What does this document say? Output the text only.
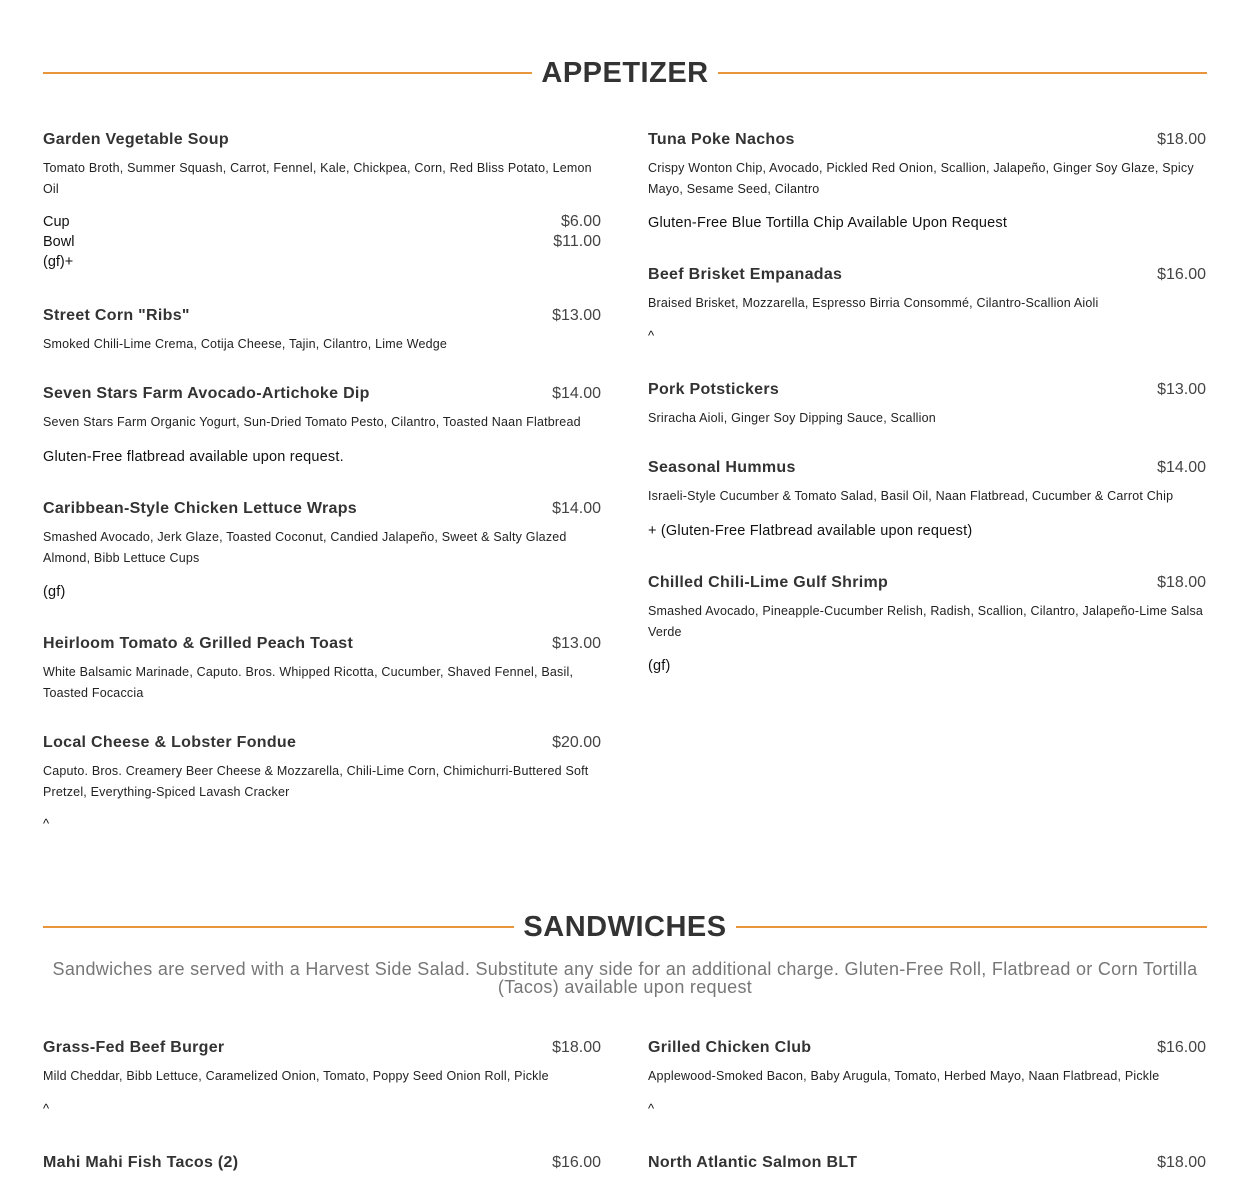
APPETIZER
Garden Vegetable Soup
Tomato Broth, Summer Squash, Carrot, Fennel, Kale, Chickpea, Corn, Red Bliss Potato, Lemon Oil
Cup	$6.00
Bowl	$11.00
(gf)+
Street Corn "Ribs"	$13.00
Smoked Chili-Lime Crema, Cotija Cheese, Tajin, Cilantro, Lime Wedge
Seven Stars Farm Avocado-Artichoke Dip	$14.00
Seven Stars Farm Organic Yogurt, Sun-Dried Tomato Pesto, Cilantro, Toasted Naan Flatbread
Gluten-Free flatbread available upon request.
Caribbean-Style Chicken Lettuce Wraps	$14.00
Smashed Avocado, Jerk Glaze, Toasted Coconut, Candied Jalapeño, Sweet & Salty Glazed Almond, Bibb Lettuce Cups
(gf)
Heirloom Tomato & Grilled Peach Toast	$13.00
White Balsamic Marinade, Caputo. Bros. Whipped Ricotta, Cucumber, Shaved Fennel, Basil, Toasted Focaccia
Local Cheese & Lobster Fondue	$20.00
Caputo. Bros. Creamery Beer Cheese & Mozzarella, Chili-Lime Corn, Chimichurri-Buttered Soft Pretzel, Everything-Spiced Lavash Cracker
^
Tuna Poke Nachos	$18.00
Crispy Wonton Chip, Avocado, Pickled Red Onion, Scallion, Jalapeño, Ginger Soy Glaze, Spicy Mayo, Sesame Seed, Cilantro
Gluten-Free Blue Tortilla Chip Available Upon Request
Beef Brisket Empanadas	$16.00
Braised Brisket, Mozzarella, Espresso Birria Consommé, Cilantro-Scallion Aioli
^
Pork Potstickers	$13.00
Sriracha Aioli, Ginger Soy Dipping Sauce, Scallion
Seasonal Hummus	$14.00
Israeli-Style Cucumber & Tomato Salad, Basil Oil, Naan Flatbread, Cucumber & Carrot Chip
+ (Gluten-Free Flatbread available upon request)
Chilled Chili-Lime Gulf Shrimp	$18.00
Smashed Avocado, Pineapple-Cucumber Relish, Radish, Scallion, Cilantro, Jalapeño-Lime Salsa Verde
(gf)
SANDWICHES
Sandwiches are served with a Harvest Side Salad. Substitute any side for an additional charge. Gluten-Free Roll, Flatbread or Corn Tortilla (Tacos) available upon request
Grass-Fed Beef Burger	$18.00
Mild Cheddar, Bibb Lettuce, Caramelized Onion, Tomato, Poppy Seed Onion Roll, Pickle
^
Mahi Mahi Fish Tacos (2)	$16.00
Grilled Chicken Club	$16.00
Applewood-Smoked Bacon, Baby Arugula, Tomato, Herbed Mayo, Naan Flatbread, Pickle
^
North Atlantic Salmon BLT	$18.00
